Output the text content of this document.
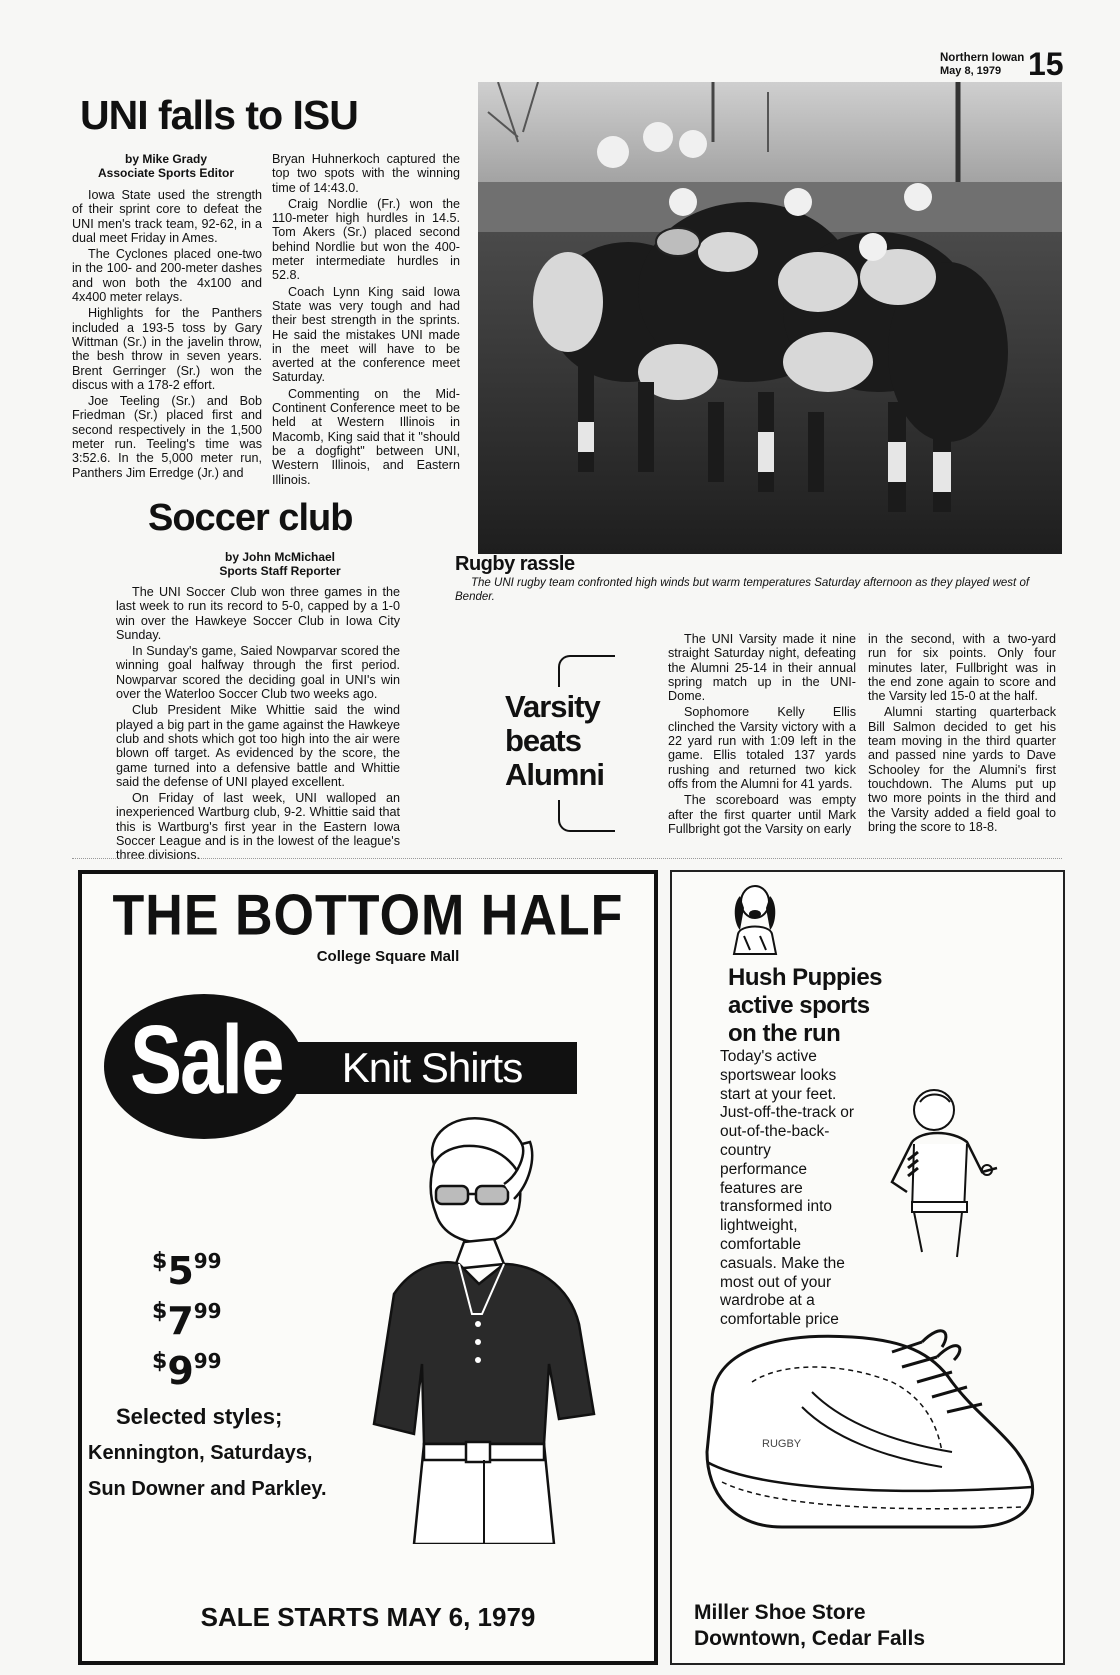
Northern Iowan
May 8, 1979 15
UNI falls to ISU
by Mike Grady
Associate Sports Editor

Iowa State used the strength of their sprint core to defeat the UNI men's track team, 92-62, in a dual meet Friday in Ames.

The Cyclones placed one-two in the 100- and 200-meter dashes and won both the 4x100 and 4x400 meter relays.

Highlights for the Panthers included a 193-5 toss by Gary Wittman (Sr.) in the javelin throw, the besh throw in seven years. Brent Gerringer (Sr.) won the discus with a 178-2 effort.

Joe Teeling (Sr.) and Bob Friedman (Sr.) placed first and second respectively in the 1,500 meter run. Teeling's time was 3:52.6. In the 5,000 meter run, Panthers Jim Erredge (Jr.) and

Bryan Huhnerkoch captured the top two spots with the winning time of 14:43.0.

Craig Nordlie (Fr.) won the 110-meter high hurdles in 14.5. Tom Akers (Sr.) placed second behind Nordlie but won the 400-meter intermediate hurdles in 52.8.

Coach Lynn King said Iowa State was very tough and had their best strength in the sprints. He said the mistakes UNI made in the meet will have to be averted at the conference meet Saturday.

Commenting on the Mid-Continent Conference meet to be held at Western Illinois in Macomb, King said that it "should be a dogfight" between UNI, Western Illinois, and Eastern Illinois.

Rugby rassle
The UNI rugby team confronted high winds but warm temperatures Saturday afternoon as they played west of Bender.
Soccer club
by John McMichael
Sports Staff Reporter

The UNI Soccer Club won three games in the last week to run its record to 5-0, capped by a 1-0 win over the Hawkeye Soccer Club in Iowa City Sunday.

In Sunday's game, Saied Nowparvar scored the winning goal halfway through the first period. Nowparvar scored the deciding goal in UNI's win over the Waterloo Soccer Club two weeks ago.

Club President Mike Whittie said the wind played a big part in the game against the Hawkeye club and shots which got too high into the air were blown off target. As evidenced by the score, the game turned into a defensive battle and Whittie said the defense of UNI played excellent.

On Friday of last week, UNI walloped an inexperienced Wartburg club, 9-2. Whittie said that this is Wartburg's first year in the Eastern Iowa Soccer League and is in the lowest of the league's three divisions.

Varsity
beats
Alumni

The UNI Varsity made it nine straight Saturday night, defeating the Alumni 25-14 in their annual spring match up in the UNI-Dome.

Sophomore Kelly Ellis clinched the Varsity victory with a 22 yard run with 1:09 left in the game. Ellis totaled 137 yards rushing and returned two kick offs from the Alumni for 41 yards.

The scoreboard was empty after the first quarter until Mark Fullbright got the Varsity on early

in the second, with a two-yard run for six points. Only four minutes later, Fullbright was in the end zone again to score and the Varsity led 15-0 at the half.

Alumni starting quarterback Bill Salmon decided to get his team moving in the third quarter and passed nine yards to Dave Schooley for the Alumni's first touchdown. The Alums put up two more points in the third and the Varsity added a field goal to bring the score to 18-8.

THE BOTTOM HALF
College Square Mall
Sale	Knit Shirts
$599
$799
$999
Selected styles;
Kennington, Saturdays,
Sun Downer and Parkley.
SALE STARTS MAY 6, 1979
Hush Puppies
active sports
on the run
Today's active
sportswear looks
start at your feet.
Just-off-the-track or
out-of-the-back-
country
performance
features are
transformed into
lightweight,
comfortable
casuals. Make the
most out of your
wardrobe at a
comfortable price
RUGBY
Miller Shoe Store
Downtown, Cedar Falls
